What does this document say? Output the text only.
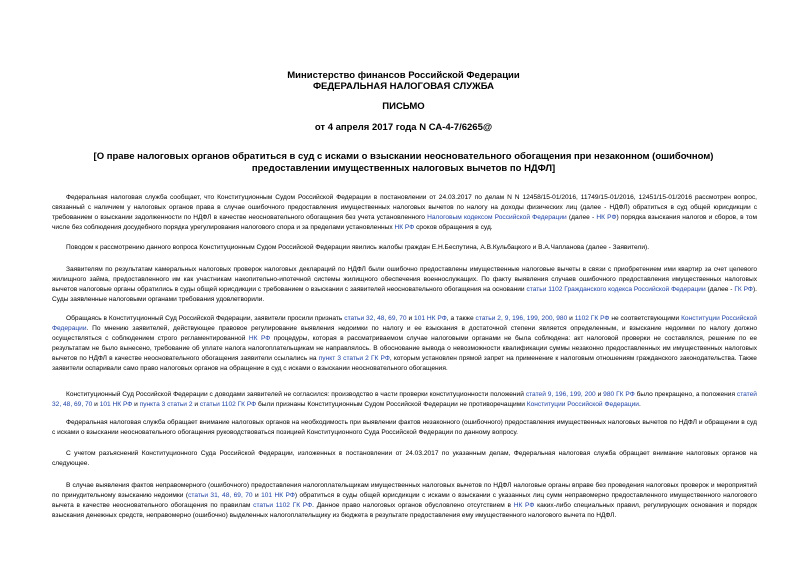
Министерство финансов Российской Федерации
ФЕДЕРАЛЬНАЯ НАЛОГОВАЯ СЛУЖБА
ПИСЬМО
от 4 апреля 2017 года N СА-4-7/6265@
[О праве налоговых органов обратиться в суд с исками о взыскании неосновательного обогащения при незаконном (ошибочном) предоставлении имущественных налоговых вычетов по НДФЛ]
Федеральная налоговая служба сообщает, что Конституционным Судом Российской Федерации в постановлении от 24.03.2017 по делам N N 12458/15-01/2016, 11749/15-01/2016, 12451/15-01/2016 рассмотрен вопрос, связанный с наличием у налоговых органов права в случае ошибочного предоставления имущественных налоговых вычетов по налогу на доходы физических лиц (далее - НДФЛ) обратиться в суд общей юрисдикции с требованием о взыскании задолженности по НДФЛ в качестве неосновательного обогащения без учета установленного Налоговым кодексом Российской Федерации (далее - НК РФ) порядка взыскания налогов и сборов, в том числе без соблюдения досудебного порядка урегулирования налогового спора и за пределами установленных НК РФ сроков обращения в суд.
Поводом к рассмотрению данного вопроса Конституционным Судом Российской Федерации явились жалобы граждан Е.Н.Беспутина, А.В.Кульбацкого и В.А.Чапланова (далее - Заявители).
Заявителям по результатам камеральных налоговых проверок налоговых деклараций по НДФЛ были ошибочно предоставлены имущественные налоговые вычеты в связи с приобретением ими квартир за счет целевого жилищного займа, предоставленного им как участникам накопительно-ипотечной системы жилищного обеспечения военнослужащих. По факту выявления случаев ошибочного предоставления имущественных налоговых вычетов налоговые органы обратились в суды общей юрисдикции с требованием о взыскании с заявителей неосновательного обогащения на основании статьи 1102 Гражданского кодекса Российской Федерации (далее - ГК РФ). Суды заявленные налоговыми органами требования удовлетворили.
Обращаясь в Конституционный Суд Российской Федерации, заявители просили признать статьи 32, 48, 69, 70 и 101 НК РФ, а также статьи 2, 9, 196, 199, 200, 980 и 1102 ГК РФ не соответствующими Конституции Российской Федерации. По мнению заявителей, действующее правовое регулирование выявления недоимки по налогу и ее взыскания в достаточной степени является определенным, и взыскание недоимки по налогу должно осуществляться с соблюдением строго регламентированной НК РФ процедуры, которая в рассматриваемом случае налоговыми органами не была соблюдена: акт налоговой проверки не составлялся, решение по ее результатам не было вынесено, требование об уплате налога налогоплательщикам не направлялось. В обоснование вывода о невозможности квалификации суммы незаконно предоставленных им имущественных налоговых вычетов по НДФЛ в качестве неосновательного обогащения заявители ссылались на пункт 3 статьи 2 ГК РФ, которым установлен прямой запрет на применение к налоговым отношениям гражданского законодательства. Также заявители оспаривали само право налоговых органов на обращение в суд с исками о взыскании неосновательного обогащения.
Конституционный Суд Российской Федерации с доводами заявителей не согласился: производство в части проверки конституционности положений статей 9, 196, 199, 200 и 980 ГК РФ было прекращено, а положения статей 32, 48, 69, 70 и 101 НК РФ и пункта 3 статьи 2 и статьи 1102 ГК РФ были признаны Конституционным Судом Российской Федерации не противоречащими Конституции Российской Федерации.
Федеральная налоговая служба обращает внимание налоговых органов на необходимость при выявлении фактов незаконного (ошибочного) предоставления имущественных налоговых вычетов по НДФЛ и обращении в суд с исками о взыскании неосновательного обогащения руководствоваться позицией Конституционного Суда Российской Федерации по данному вопросу.
С учетом разъяснений Конституционного Суда Российской Федерации, изложенных в постановлении от 24.03.2017 по указанным делам, Федеральная налоговая служба обращает внимание налоговых органов на следующее.
В случае выявления фактов неправомерного (ошибочного) предоставления налогоплательщикам имущественных налоговых вычетов по НДФЛ налоговые органы вправе без проведения налоговых проверок и мероприятий по принудительному взысканию недоимки (статьи 31, 48, 69, 70 и 101 НК РФ) обратиться в суды общей юрисдикции с исками о взыскании с указанных лиц сумм неправомерно предоставленного имущественного налогового вычета в качестве неосновательного обогащения по правилам статьи 1102 ГК РФ. Данное право налоговых органов обусловлено отсутствием в НК РФ каких-либо специальных правил, регулирующих основания и порядок взыскания денежных средств, неправомерно (ошибочно) выделенных налогоплательщику из бюджета в результате предоставления ему имущественного налогового вычета по НДФЛ.
